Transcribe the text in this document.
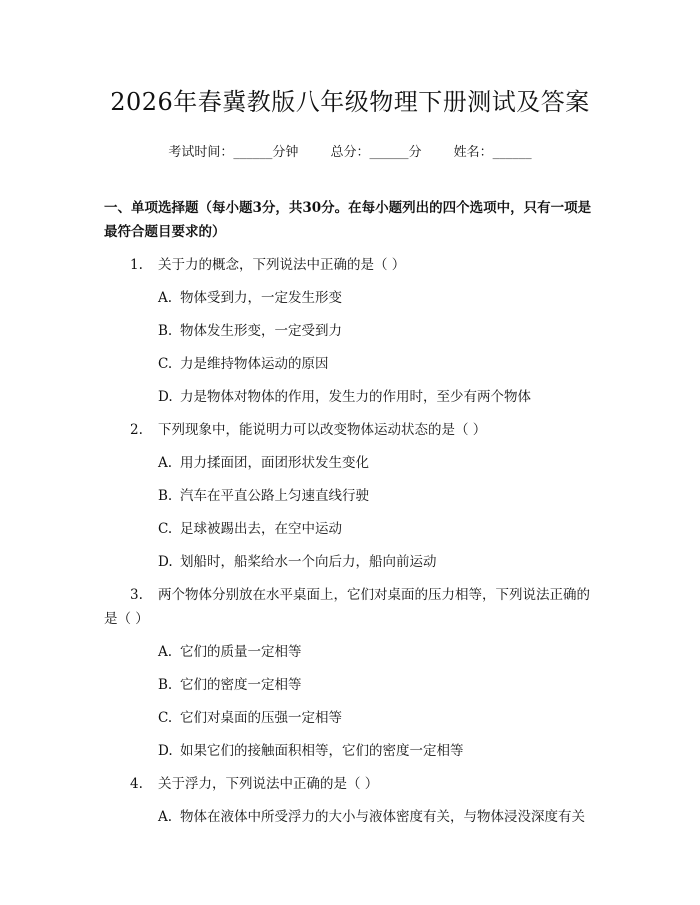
2026年春冀教版八年级物理下册测试及答案
考试时间：______分钟 总分：______分 姓名：______
一、单项选择题（每小题3分，共30分。在每小题列出的四个选项中，只有一项是最符合题目要求的）
1. 关于力的概念，下列说法中正确的是（ ）
A. 物体受到力，一定发生形变
B. 物体发生形变，一定受到力
C. 力是维持物体运动的原因
D. 力是物体对物体的作用，发生力的作用时，至少有两个物体
2. 下列现象中，能说明力可以改变物体运动状态的是（ ）
A. 用力揉面团，面团形状发生变化
B. 汽车在平直公路上匀速直线行驶
C. 足球被踢出去，在空中运动
D. 划船时，船桨给水一个向后力，船向前运动
3. 两个物体分别放在水平桌面上，它们对桌面的压力相等，下列说法正确的是（ ）
A. 它们的质量一定相等
B. 它们的密度一定相等
C. 它们对桌面的压强一定相等
D. 如果它们的接触面积相等，它们的密度一定相等
4. 关于浮力，下列说法中正确的是（ ）
A. 物体在液体中所受浮力的大小与液体密度有关，与物体浸没深度有关
